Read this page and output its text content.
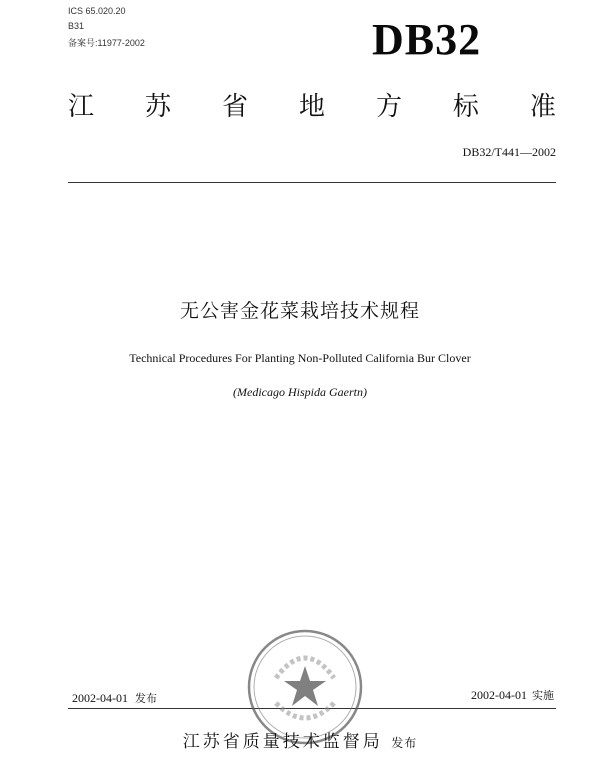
ICS 65.020.20
B31
备案号:11977-2002	DB32
江 苏 省 地 方 标 准
DB32/T441—2002
无公害金花菜栽培技术规程
Technical Procedures For Planting Non-Polluted California Bur Clover
(Medicago Hispida Gaertn)
2002-04-01 发布	2002-04-01 实施
江苏省质量技术监督局 发布
